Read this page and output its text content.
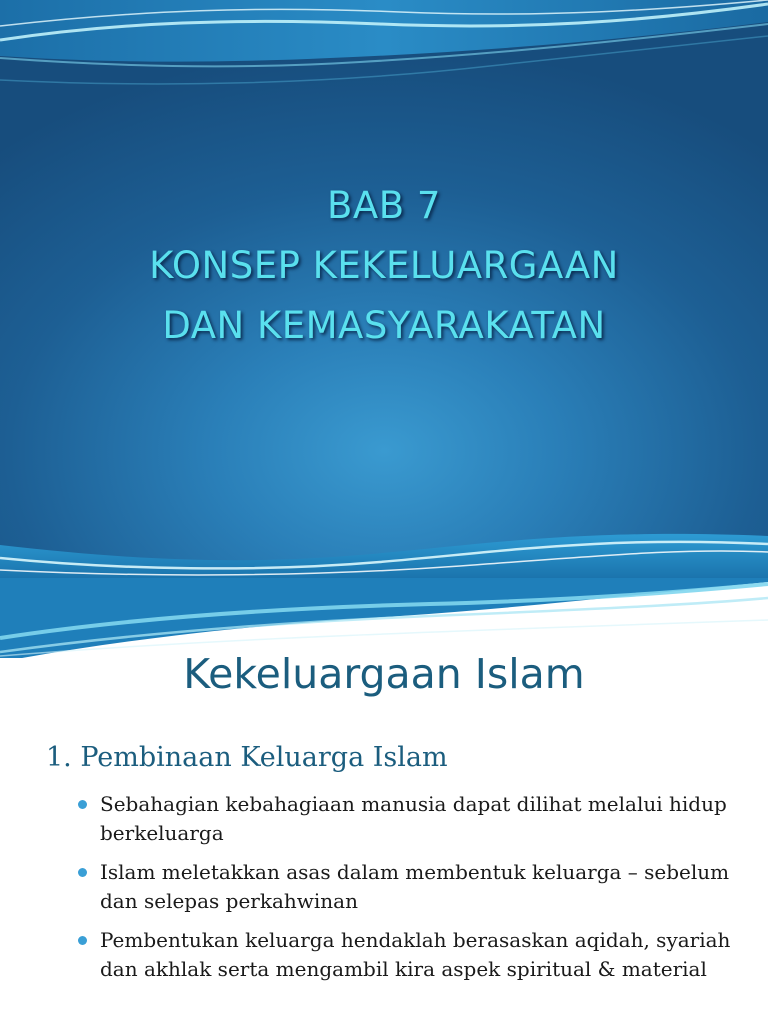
BAB 7
KONSEP KEKELUARGAAN
DAN KEMASYARAKATAN
Kekeluargaan Islam
1. Pembinaan Keluarga Islam
Sebahagian kebahagiaan manusia dapat dilihat melalui hidup berkeluarga
Islam meletakkan asas dalam membentuk keluarga – sebelum dan selepas perkahwinan
Pembentukan keluarga hendaklah berasaskan aqidah, syariah dan akhlak serta mengambil kira aspek spiritual & material
